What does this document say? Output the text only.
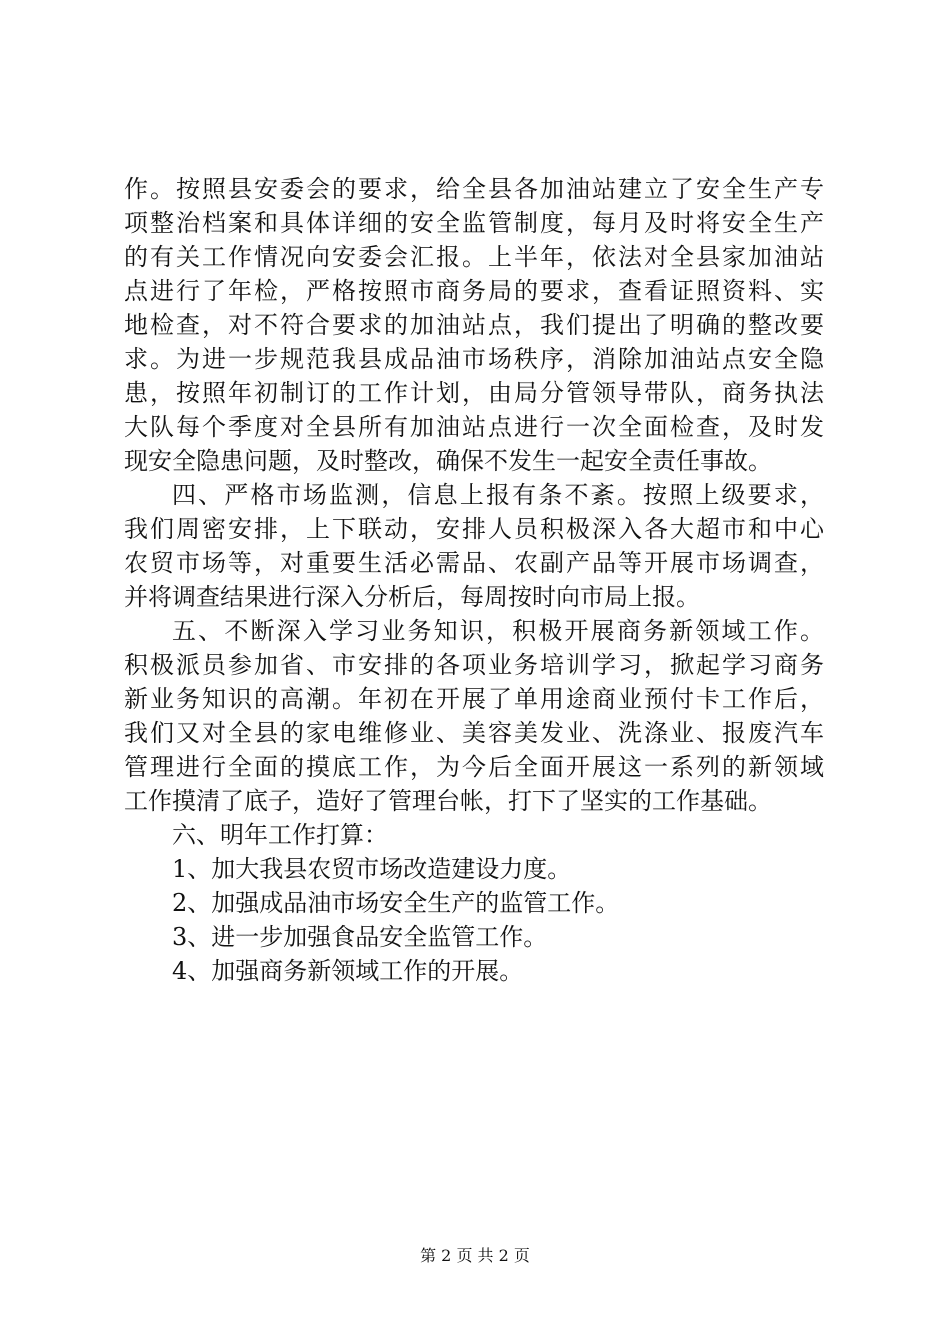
作。按照县安委会的要求，给全县各加油站建立了安全生产专
项整治档案和具体详细的安全监管制度，每月及时将安全生产
的有关工作情况向安委会汇报。上半年，依法对全县家加油站
点进行了年检，严格按照市商务局的要求，查看证照资料、实
地检查，对不符合要求的加油站点，我们提出了明确的整改要
求。为进一步规范我县成品油市场秩序，消除加油站点安全隐
患，按照年初制订的工作计划，由局分管领导带队，商务执法
大队每个季度对全县所有加油站点进行一次全面检查，及时发
现安全隐患问题，及时整改，确保不发生一起安全责任事故。
四、严格市场监测，信息上报有条不紊。按照上级要求，
我们周密安排，上下联动，安排人员积极深入各大超市和中心
农贸市场等，对重要生活必需品、农副产品等开展市场调查，
并将调查结果进行深入分析后，每周按时向市局上报。
五、不断深入学习业务知识，积极开展商务新领域工作。
积极派员参加省、市安排的各项业务培训学习，掀起学习商务
新业务知识的高潮。年初在开展了单用途商业预付卡工作后，
我们又对全县的家电维修业、美容美发业、洗涤业、报废汽车
管理进行全面的摸底工作，为今后全面开展这一系列的新领域
工作摸清了底子，造好了管理台帐，打下了坚实的工作基础。
六、明年工作打算：
1、加大我县农贸市场改造建设力度。
2、加强成品油市场安全生产的监管工作。
3、进一步加强食品安全监管工作。
4、加强商务新领域工作的开展。
第 2 页 共 2 页
